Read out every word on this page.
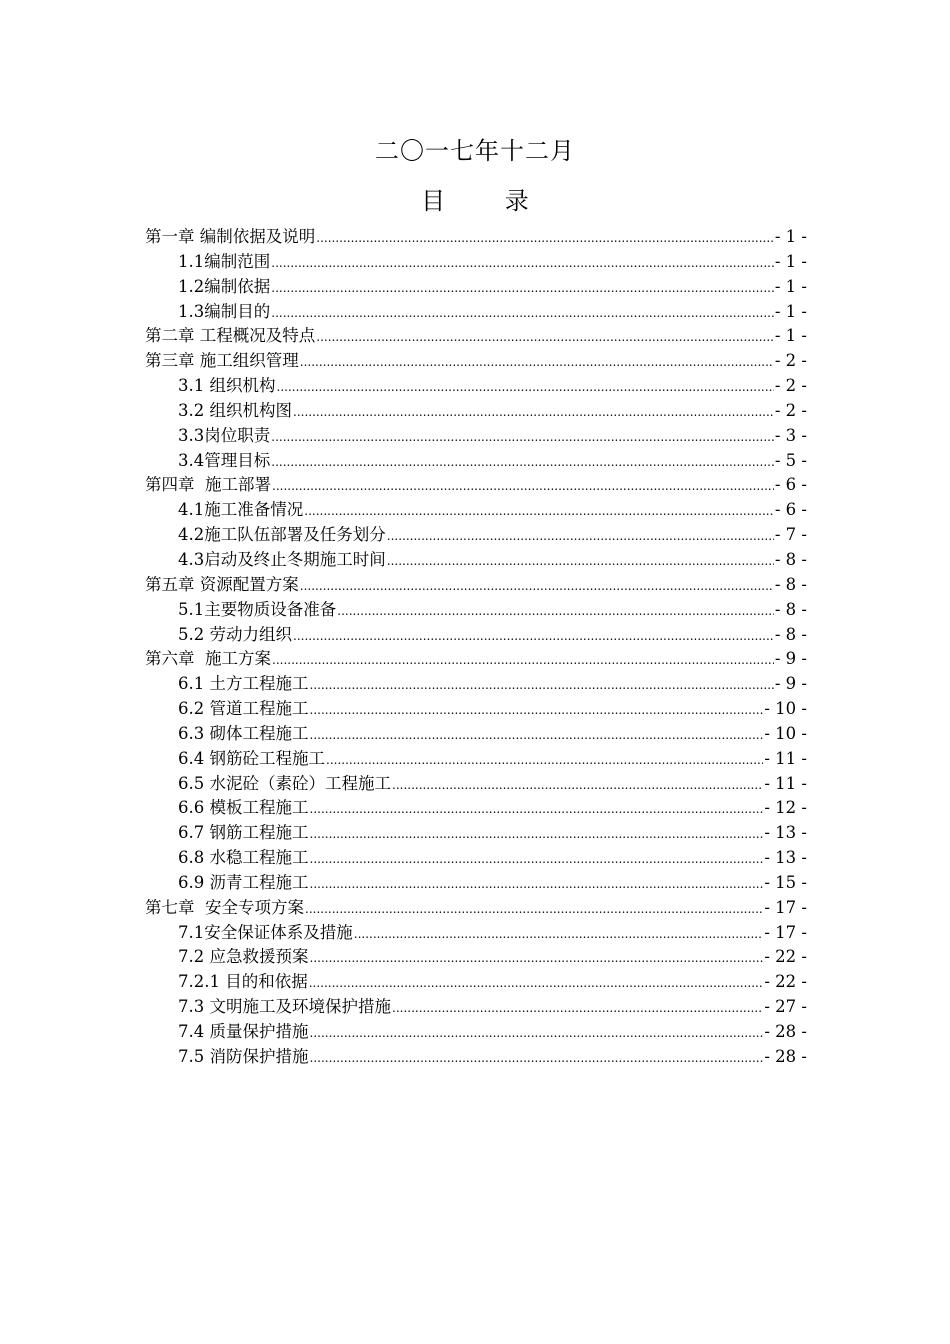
二〇一七年十二月
目 录
第一章 编制依据及说明 .....	- 1 -
1.1编制范围 .....	- 1 -
1.2编制依据 .....	- 1 -
1.3编制目的 .....	- 1 -
第二章 工程概况及特点 .....	- 1 -
第三章 施工组织管理 .....	- 2 -
3.1 组织机构 .....	- 2 -
3.2 组织机构图 .....	- 2 -
3.3岗位职责 .....	- 3 -
3.4管理目标 .....	- 5 -
第四章  施工部署 .....	- 6 -
4.1施工准备情况 .....	- 6 -
4.2施工队伍部署及任务划分 .....	- 7 -
4.3启动及终止冬期施工时间 .....	- 8 -
第五章 资源配置方案 .....	- 8 -
5.1主要物质设备准备 .....	- 8 -
5.2 劳动力组织 .....	- 8 -
第六章  施工方案 .....	- 9 -
6.1 土方工程施工 .....	- 9 -
6.2 管道工程施工 .....	- 10 -
6.3 砌体工程施工 .....	- 10 -
6.4 钢筋砼工程施工 .....	- 11 -
6.5 水泥砼（素砼）工程施工 .....	- 11 -
6.6 模板工程施工 .....	- 12 -
6.7 钢筋工程施工 .....	- 13 -
6.8 水稳工程施工 .....	- 13 -
6.9 沥青工程施工 .....	- 15 -
第七章  安全专项方案 .....	- 17 -
7.1安全保证体系及措施 .....	- 17 -
7.2 应急救援预案 .....	- 22 -
7.2.1 目的和依据 .....	- 22 -
7.3 文明施工及环境保护措施 .....	- 27 -
7.4 质量保护措施 .....	- 28 -
7.5 消防保护措施 .....	- 28 -
